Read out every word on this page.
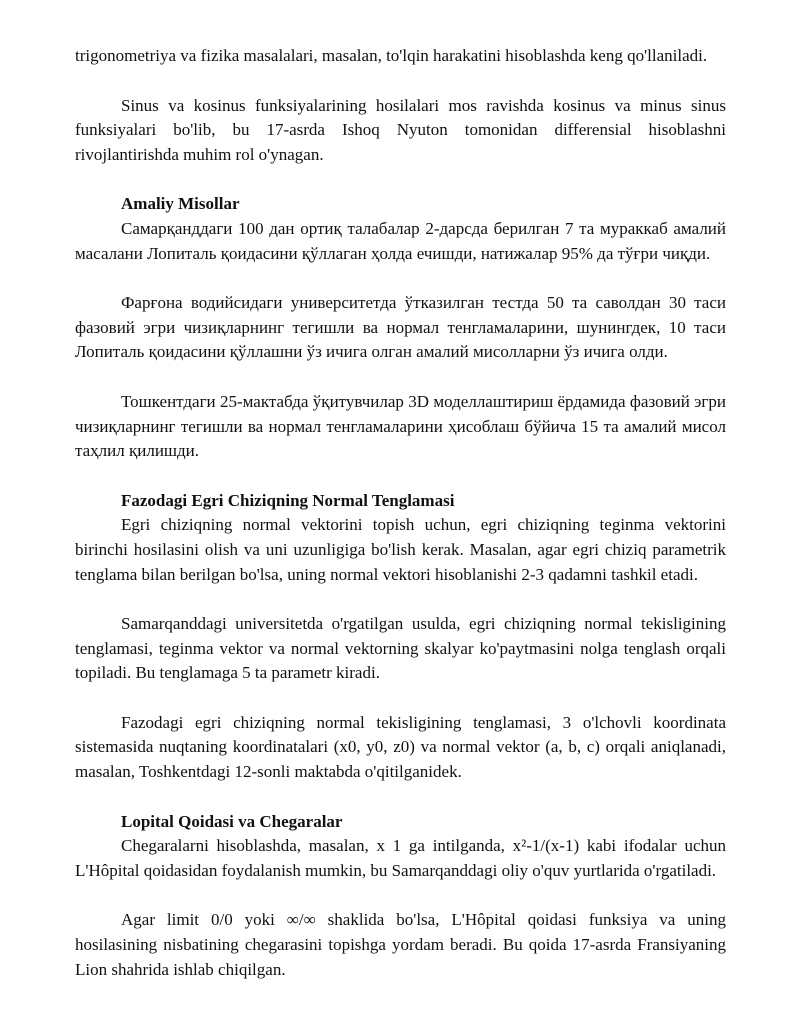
trigonometriya va fizika masalalari, masalan, to'lqin harakatini hisoblashda keng qo'llaniladi.

Sinus va kosinus funksiyalarining hosilalari mos ravishda kosinus va minus sinus funksiyalari bo'lib, bu 17-asrda Ishoq Nyuton tomonidan differensial hisoblashni rivojlantirishda muhim rol o'ynagan.

Amaliy Misollar

Самарқанддаги 100 дан ортиқ талабалар 2-дарсда берилган 7 та мураккаб амалий масалани Лопиталь қоидасини қўллаган ҳолда ечишди, натижалар 95% да тўғри чиқди.

Фарғона водийсидаги университетда ўтказилган тестда 50 та саволдан 30 таси фазовий эгри чизиқларнинг тегишли ва нормал тенгламаларини, шунингдек, 10 таси Лопиталь қоидасини қўллашни ўз ичига олган амалий мисолларни ўз ичига олди.

Тошкентдаги 25-мактабда ўқитувчилар 3D моделлаштириш ёрдамида фазовий эгри чизиқларнинг тегишли ва нормал тенгламаларини ҳисоблаш бўйича 15 та амалий мисол таҳлил қилишди.

Fazodagi Egri Chiziqning Normal Tenglamasi

Egri chiziqning normal vektorini topish uchun, egri chiziqning teginma vektorini birinchi hosilasini olish va uni uzunligiga bo'lish kerak. Masalan, agar egri chiziq parametrik tenglama bilan berilgan bo'lsa, uning normal vektori hisoblanishi 2-3 qadamni tashkil etadi.

Samarqanddagi universitetda o'rgatilgan usulda, egri chiziqning normal tekisligining tenglamasi, teginma vektor va normal vektorning skalyar ko'paytmasini nolga tenglash orqali topiladi. Bu tenglamaga 5 ta parametr kiradi.

Fazodagi egri chiziqning normal tekisligining tenglamasi, 3 o'lchovli koordinata sistemasida nuqtaning koordinatalari (x0, y0, z0) va normal vektor (a, b, c) orqali aniqlanadi, masalan, Toshkentdagi 12-sonli maktabda o'qitilganidek.

Lopital Qoidasi va Chegaralar

Chegaralarni hisoblashda, masalan, x 1 ga intilganda, x²-1/(x-1) kabi ifodalar uchun L'Hôpital qoidasidan foydalanish mumkin, bu Samarqanddagi oliy o'quv yurtlarida o'rgatiladi.

Agar limit 0/0 yoki ∞/∞ shaklida bo'lsa, L'Hôpital qoidasi funksiya va uning hosilasining nisbatining chegarasini topishga yordam beradi. Bu qoida 17-asrda Fransiyaning Lion shahrida ishlab chiqilgan.
